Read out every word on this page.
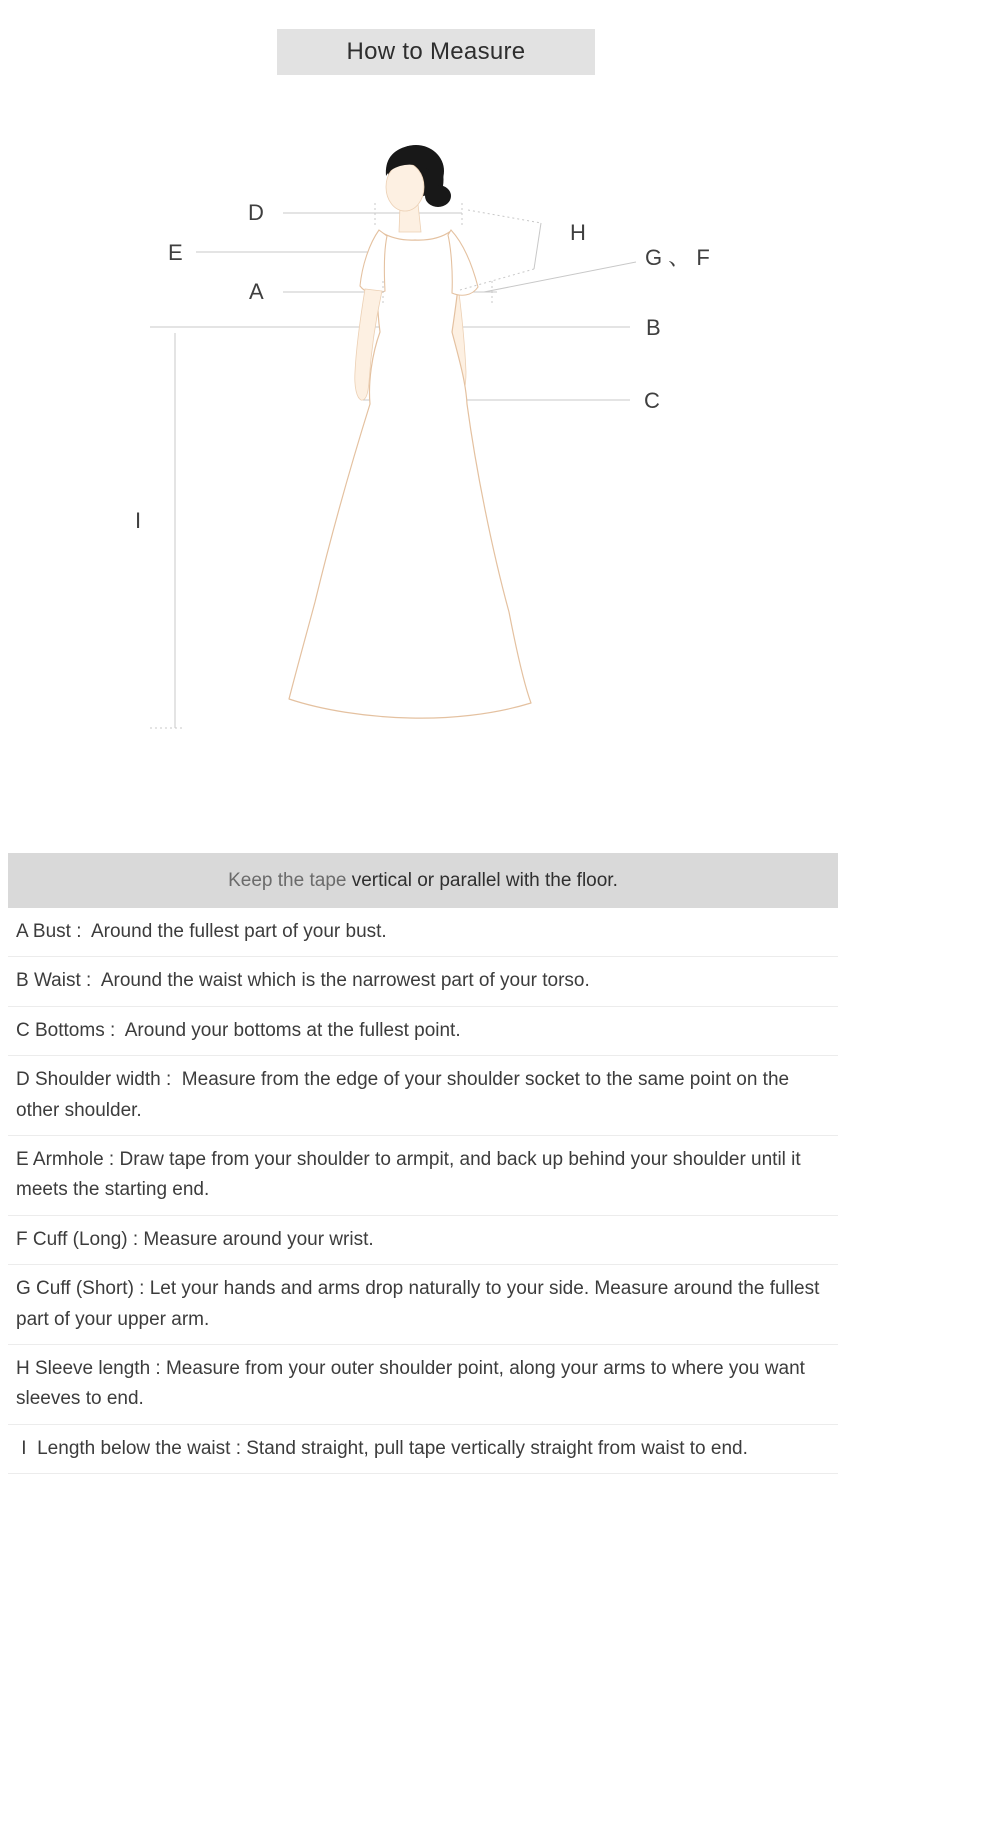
How to Measure
D
E
A
H
G 、 F
B
C
I
Keep the tape vertical or parallel with the floor.
A Bust :  Around the fullest part of your bust.
B Waist :  Around the waist which is the narrowest part of your torso.
C Bottoms :  Around your bottoms at the fullest point.
D Shoulder width :  Measure from the edge of your shoulder socket to the same point on the other shoulder.
E Armhole : Draw tape from your shoulder to armpit, and back up behind your shoulder until it meets the starting end.
F Cuff (Long) : Measure around your wrist.
G Cuff (Short) : Let your hands and arms drop naturally to your side. Measure around the fullest part of your upper arm.
H Sleeve length : Measure from your outer shoulder point, along your arms to where you want sleeves to end.
I  Length below the waist : Stand straight, pull tape vertically straight from waist to end.
